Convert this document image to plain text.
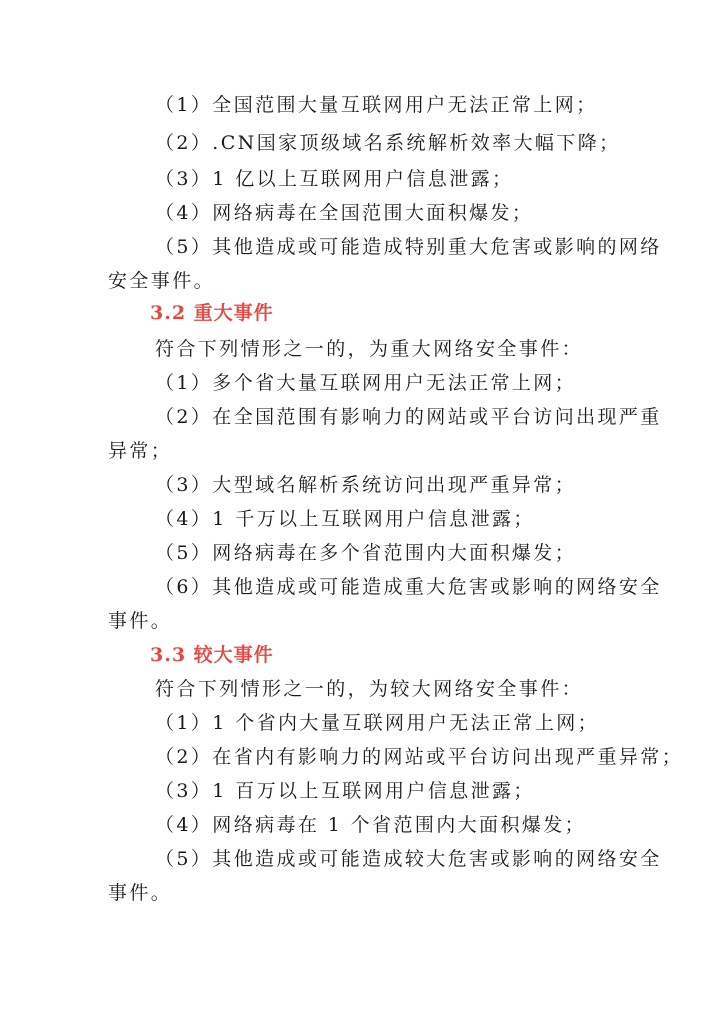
（1）全国范围大量互联网用户无法正常上网；
（2）.CN国家顶级域名系统解析效率大幅下降；
（3）1 亿以上互联网用户信息泄露；
（4）网络病毒在全国范围大面积爆发；
（5）其他造成或可能造成特别重大危害或影响的网络
安全事件。
3.2 重大事件
符合下列情形之一的，为重大网络安全事件：
（1）多个省大量互联网用户无法正常上网；
（2）在全国范围有影响力的网站或平台访问出现严重
异常；
（3）大型域名解析系统访问出现严重异常；
（4）1 千万以上互联网用户信息泄露；
（5）网络病毒在多个省范围内大面积爆发；
（6）其他造成或可能造成重大危害或影响的网络安全
事件。
3.3 较大事件
符合下列情形之一的，为较大网络安全事件：
（1）1 个省内大量互联网用户无法正常上网；
（2）在省内有影响力的网站或平台访问出现严重异常；
（3）1 百万以上互联网用户信息泄露；
（4）网络病毒在 1 个省范围内大面积爆发；
（5）其他造成或可能造成较大危害或影响的网络安全
事件。
